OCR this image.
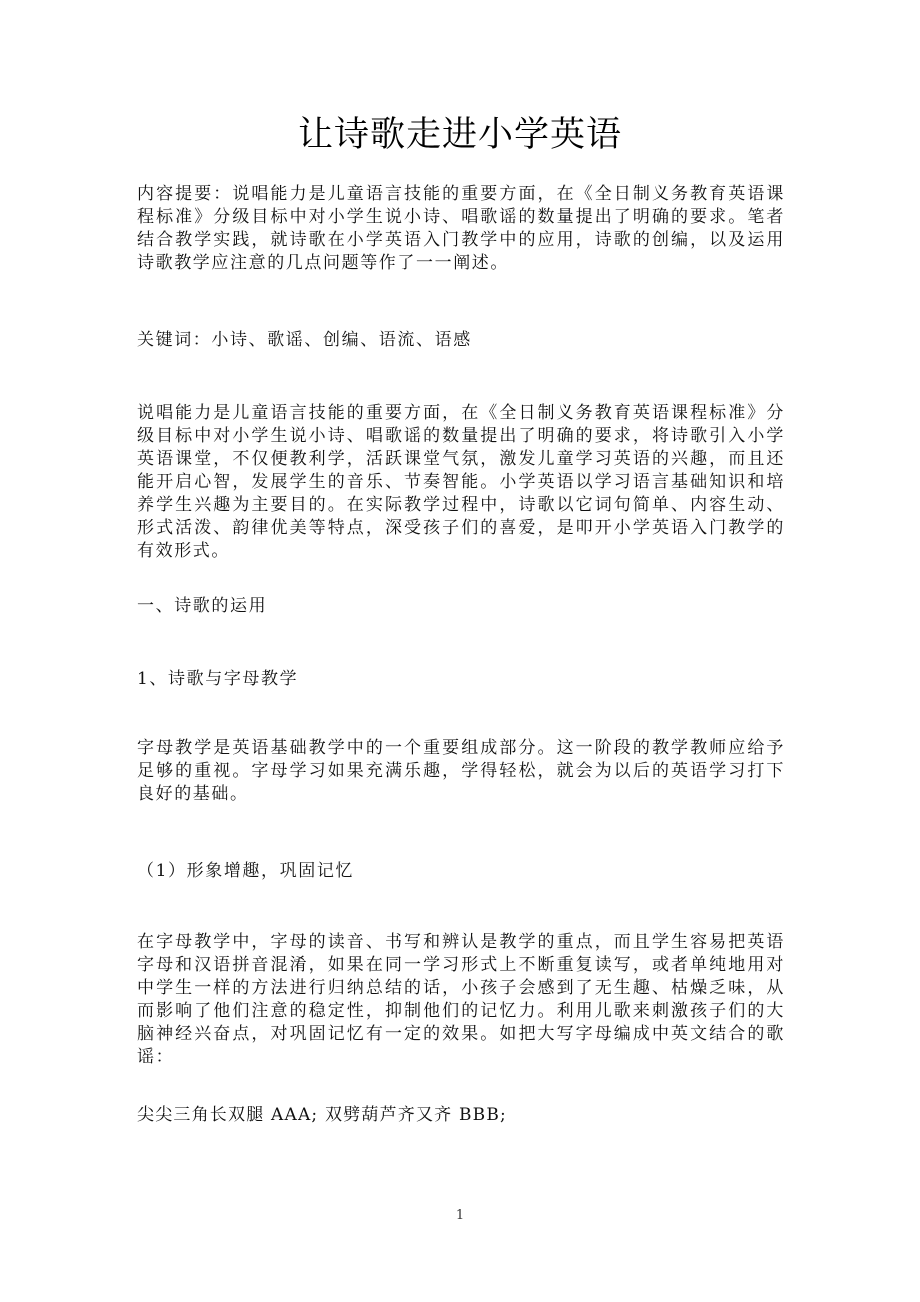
让诗歌走进小学英语

内容提要：说唱能力是儿童语言技能的重要方面，在《全日制义务教育英语课程标准》分级目标中对小学生说小诗、唱歌谣的数量提出了明确的要求。笔者结合教学实践，就诗歌在小学英语入门教学中的应用，诗歌的创编，以及运用诗歌教学应注意的几点问题等作了一一阐述。

关键词：小诗、歌谣、创编、语流、语感

说唱能力是儿童语言技能的重要方面，在《全日制义务教育英语课程标准》分级目标中对小学生说小诗、唱歌谣的数量提出了明确的要求，将诗歌引入小学英语课堂，不仅便教利学，活跃课堂气氛，激发儿童学习英语的兴趣，而且还能开启心智，发展学生的音乐、节奏智能。小学英语以学习语言基础知识和培养学生兴趣为主要目的。在实际教学过程中，诗歌以它词句简单、内容生动、形式活泼、韵律优美等特点，深受孩子们的喜爱，是叩开小学英语入门教学的有效形式。

一、诗歌的运用

1、诗歌与字母教学

字母教学是英语基础教学中的一个重要组成部分。这一阶段的教学教师应给予足够的重视。字母学习如果充满乐趣，学得轻松，就会为以后的英语学习打下良好的基础。

（1）形象增趣，巩固记忆

在字母教学中，字母的读音、书写和辨认是教学的重点，而且学生容易把英语字母和汉语拼音混淆，如果在同一学习形式上不断重复读写，或者单纯地用对中学生一样的方法进行归纳总结的话，小孩子会感到了无生趣、枯燥乏味，从而影响了他们注意的稳定性，抑制他们的记忆力。利用儿歌来刺激孩子们的大脑神经兴奋点，对巩固记忆有一定的效果。如把大写字母编成中英文结合的歌谣：

尖尖三角长双腿 AAA; 双劈葫芦齐又齐 BBB;

1
